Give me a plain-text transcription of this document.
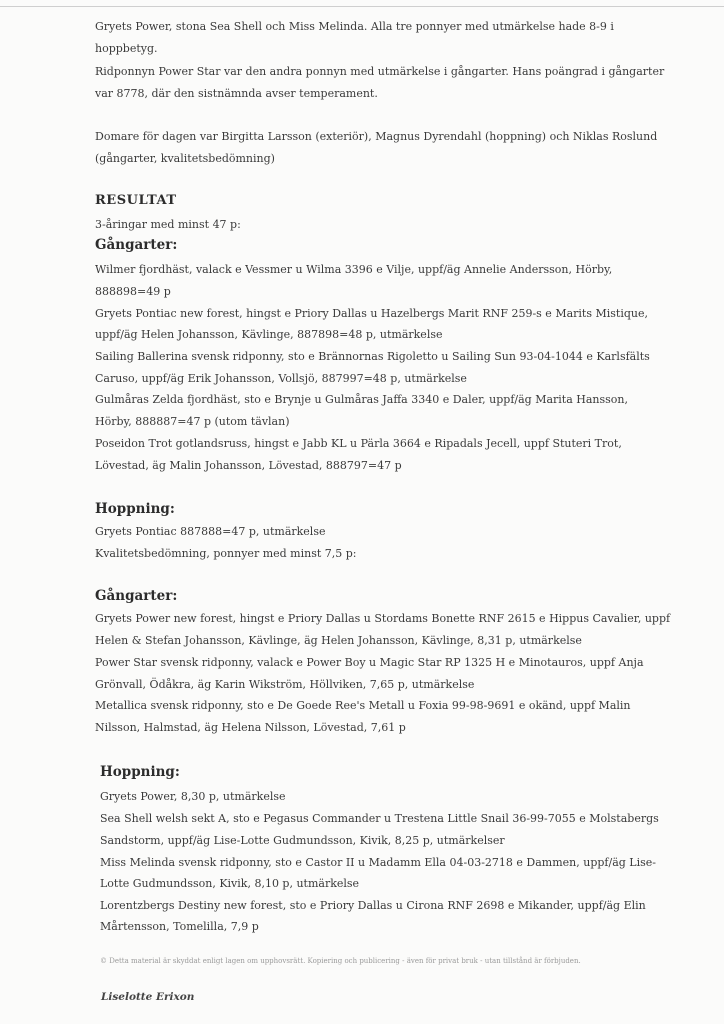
Gryets Power, stona Sea Shell och Miss Melinda. Alla tre ponnyer med utmärkelse hade 8-9 i
hoppbetyg.
Ridponnyn Power Star var den andra ponnyn med utmärkelse i gångarter. Hans poängrad i gångarter
var 8778, där den sistnämnda avser temperament.
Domare för dagen var Birgitta Larsson (exteriör), Magnus Dyrendahl (hoppning) och Niklas Roslund
(gångarter, kvalitetsbedömning)
RESULTAT
3-åringar med minst 47 p:
Gångarter:
Wilmer fjordhäst, valack e Vessmer u Wilma 3396 e Vilje, uppf/äg Annelie Andersson, Hörby,
888898=49 p
Gryets Pontiac new forest, hingst e Priory Dallas u Hazelbergs Marit RNF 259-s e Marits Mistique,
uppf/äg Helen Johansson, Kävlinge, 887898=48 p, utmärkelse
Sailing Ballerina svensk ridponny, sto e Brännornas Rigoletto u Sailing Sun 93-04-1044 e Karlsfälts
Caruso, uppf/äg Erik Johansson, Vollsjö, 887997=48 p, utmärkelse
Gulmåras Zelda fjordhäst, sto e Brynje u Gulmåras Jaffa 3340 e Daler, uppf/äg Marita Hansson,
Hörby, 888887=47 p (utom tävlan)
Poseidon Trot gotlandsruss, hingst e Jabb KL u Pärla 3664 e Ripadals Jecell, uppf Stuteri Trot,
Lövestad, äg Malin Johansson, Lövestad, 888797=47 p
Hoppning:
Gryets Pontiac 887888=47 p, utmärkelse
Kvalitetsbedömning, ponnyer med minst 7,5 p:
Gångarter:
Gryets Power new forest, hingst e Priory Dallas u Stordams Bonette RNF 2615 e Hippus Cavalier, uppf
Helen & Stefan Johansson, Kävlinge, äg Helen Johansson, Kävlinge, 8,31 p, utmärkelse
Power Star svensk ridponny, valack e Power Boy u Magic Star RP 1325 H e Minotauros, uppf Anja
Grönvall, Ödåkra, äg Karin Wikström, Höllviken, 7,65 p, utmärkelse
Metallica svensk ridponny, sto e De Goede Ree's Metall u Foxia 99-98-9691 e okänd, uppf Malin
Nilsson, Halmstad, äg Helena Nilsson, Lövestad, 7,61 p
Hoppning:
Gryets Power, 8,30 p, utmärkelse
Sea Shell welsh sekt A, sto e Pegasus Commander u Trestena Little Snail 36-99-7055 e Molstabergs
Sandstorm, uppf/äg Lise-Lotte Gudmundsson, Kivik, 8,25 p, utmärkelser
Miss Melinda svensk ridponny, sto e Castor II u Madamm Ella 04-03-2718 e Dammen, uppf/äg Lise-
Lotte Gudmundsson, Kivik, 8,10 p, utmärkelse
Lorentzbergs Destiny new forest, sto e Priory Dallas u Cirona RNF 2698 e Mikander, uppf/äg Elin
Mårtensson, Tomelilla, 7,9 p
© Detta material är skyddat enligt lagen om upphovsrätt. Kopiering och publicering - även för privat bruk - utan tillstånd är förbjuden.
Liselotte Erixon
